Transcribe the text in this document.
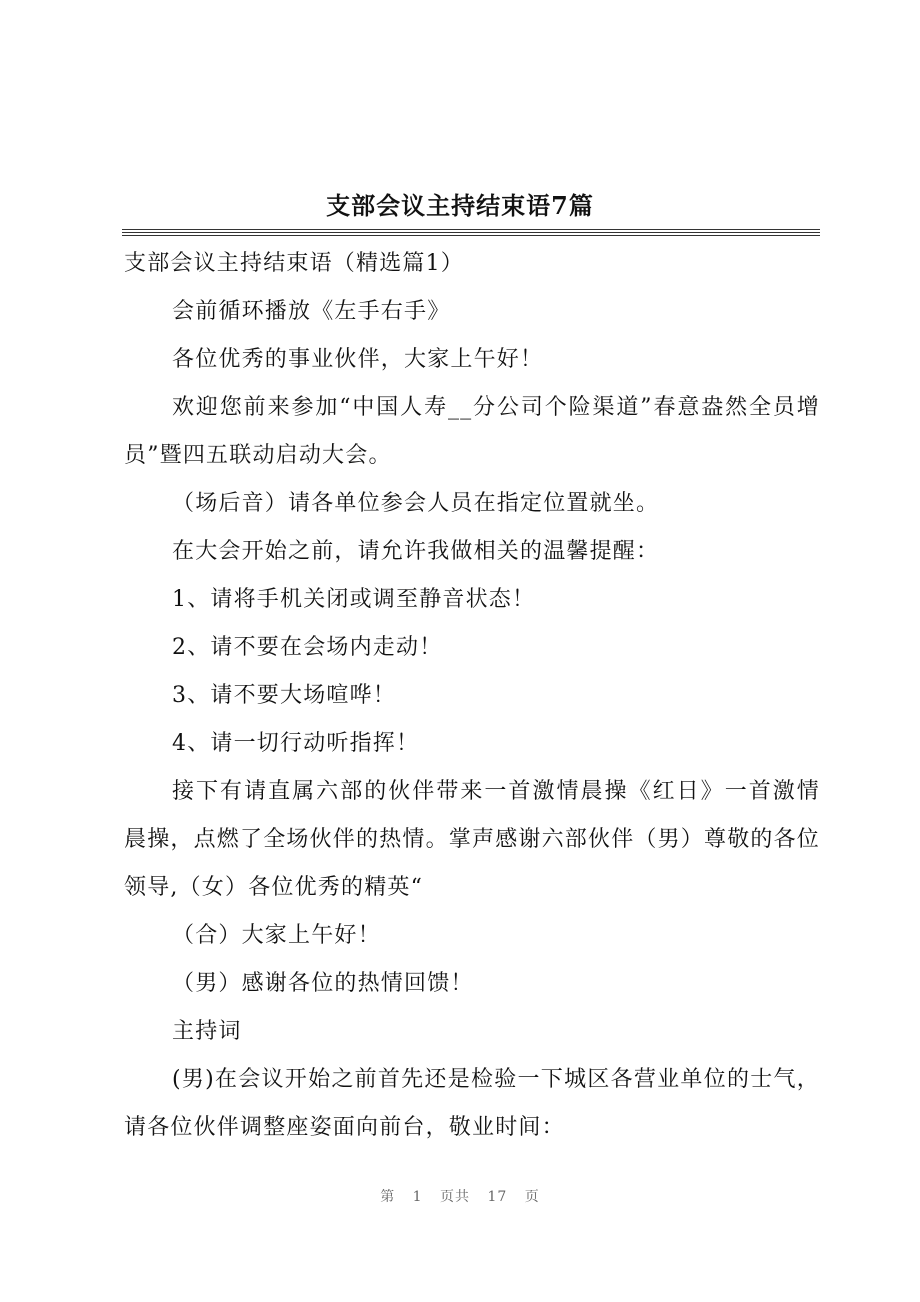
支部会议主持结束语7篇

支部会议主持结束语（精选篇1）

会前循环播放《左手右手》

各位优秀的事业伙伴，大家上午好！

欢迎您前来参加“中国人寿__分公司个险渠道”春意盎然全员增员”暨四五联动启动大会。

（场后音）请各单位参会人员在指定位置就坐。

在大会开始之前，请允许我做相关的温馨提醒：

1、请将手机关闭或调至静音状态！

2、请不要在会场内走动！

3、请不要大场喧哗！

4、请一切行动听指挥！

接下有请直属六部的伙伴带来一首激情晨操《红日》一首激情晨操，点燃了全场伙伴的热情。掌声感谢六部伙伴（男）尊敬的各位领导,（女）各位优秀的精英“

（合）大家上午好！

（男）感谢各位的热情回馈！

主持词

(男)在会议开始之前首先还是检验一下城区各营业单位的士气，请各位伙伴调整座姿面向前台，敬业时间：

第 1 页共 17 页
